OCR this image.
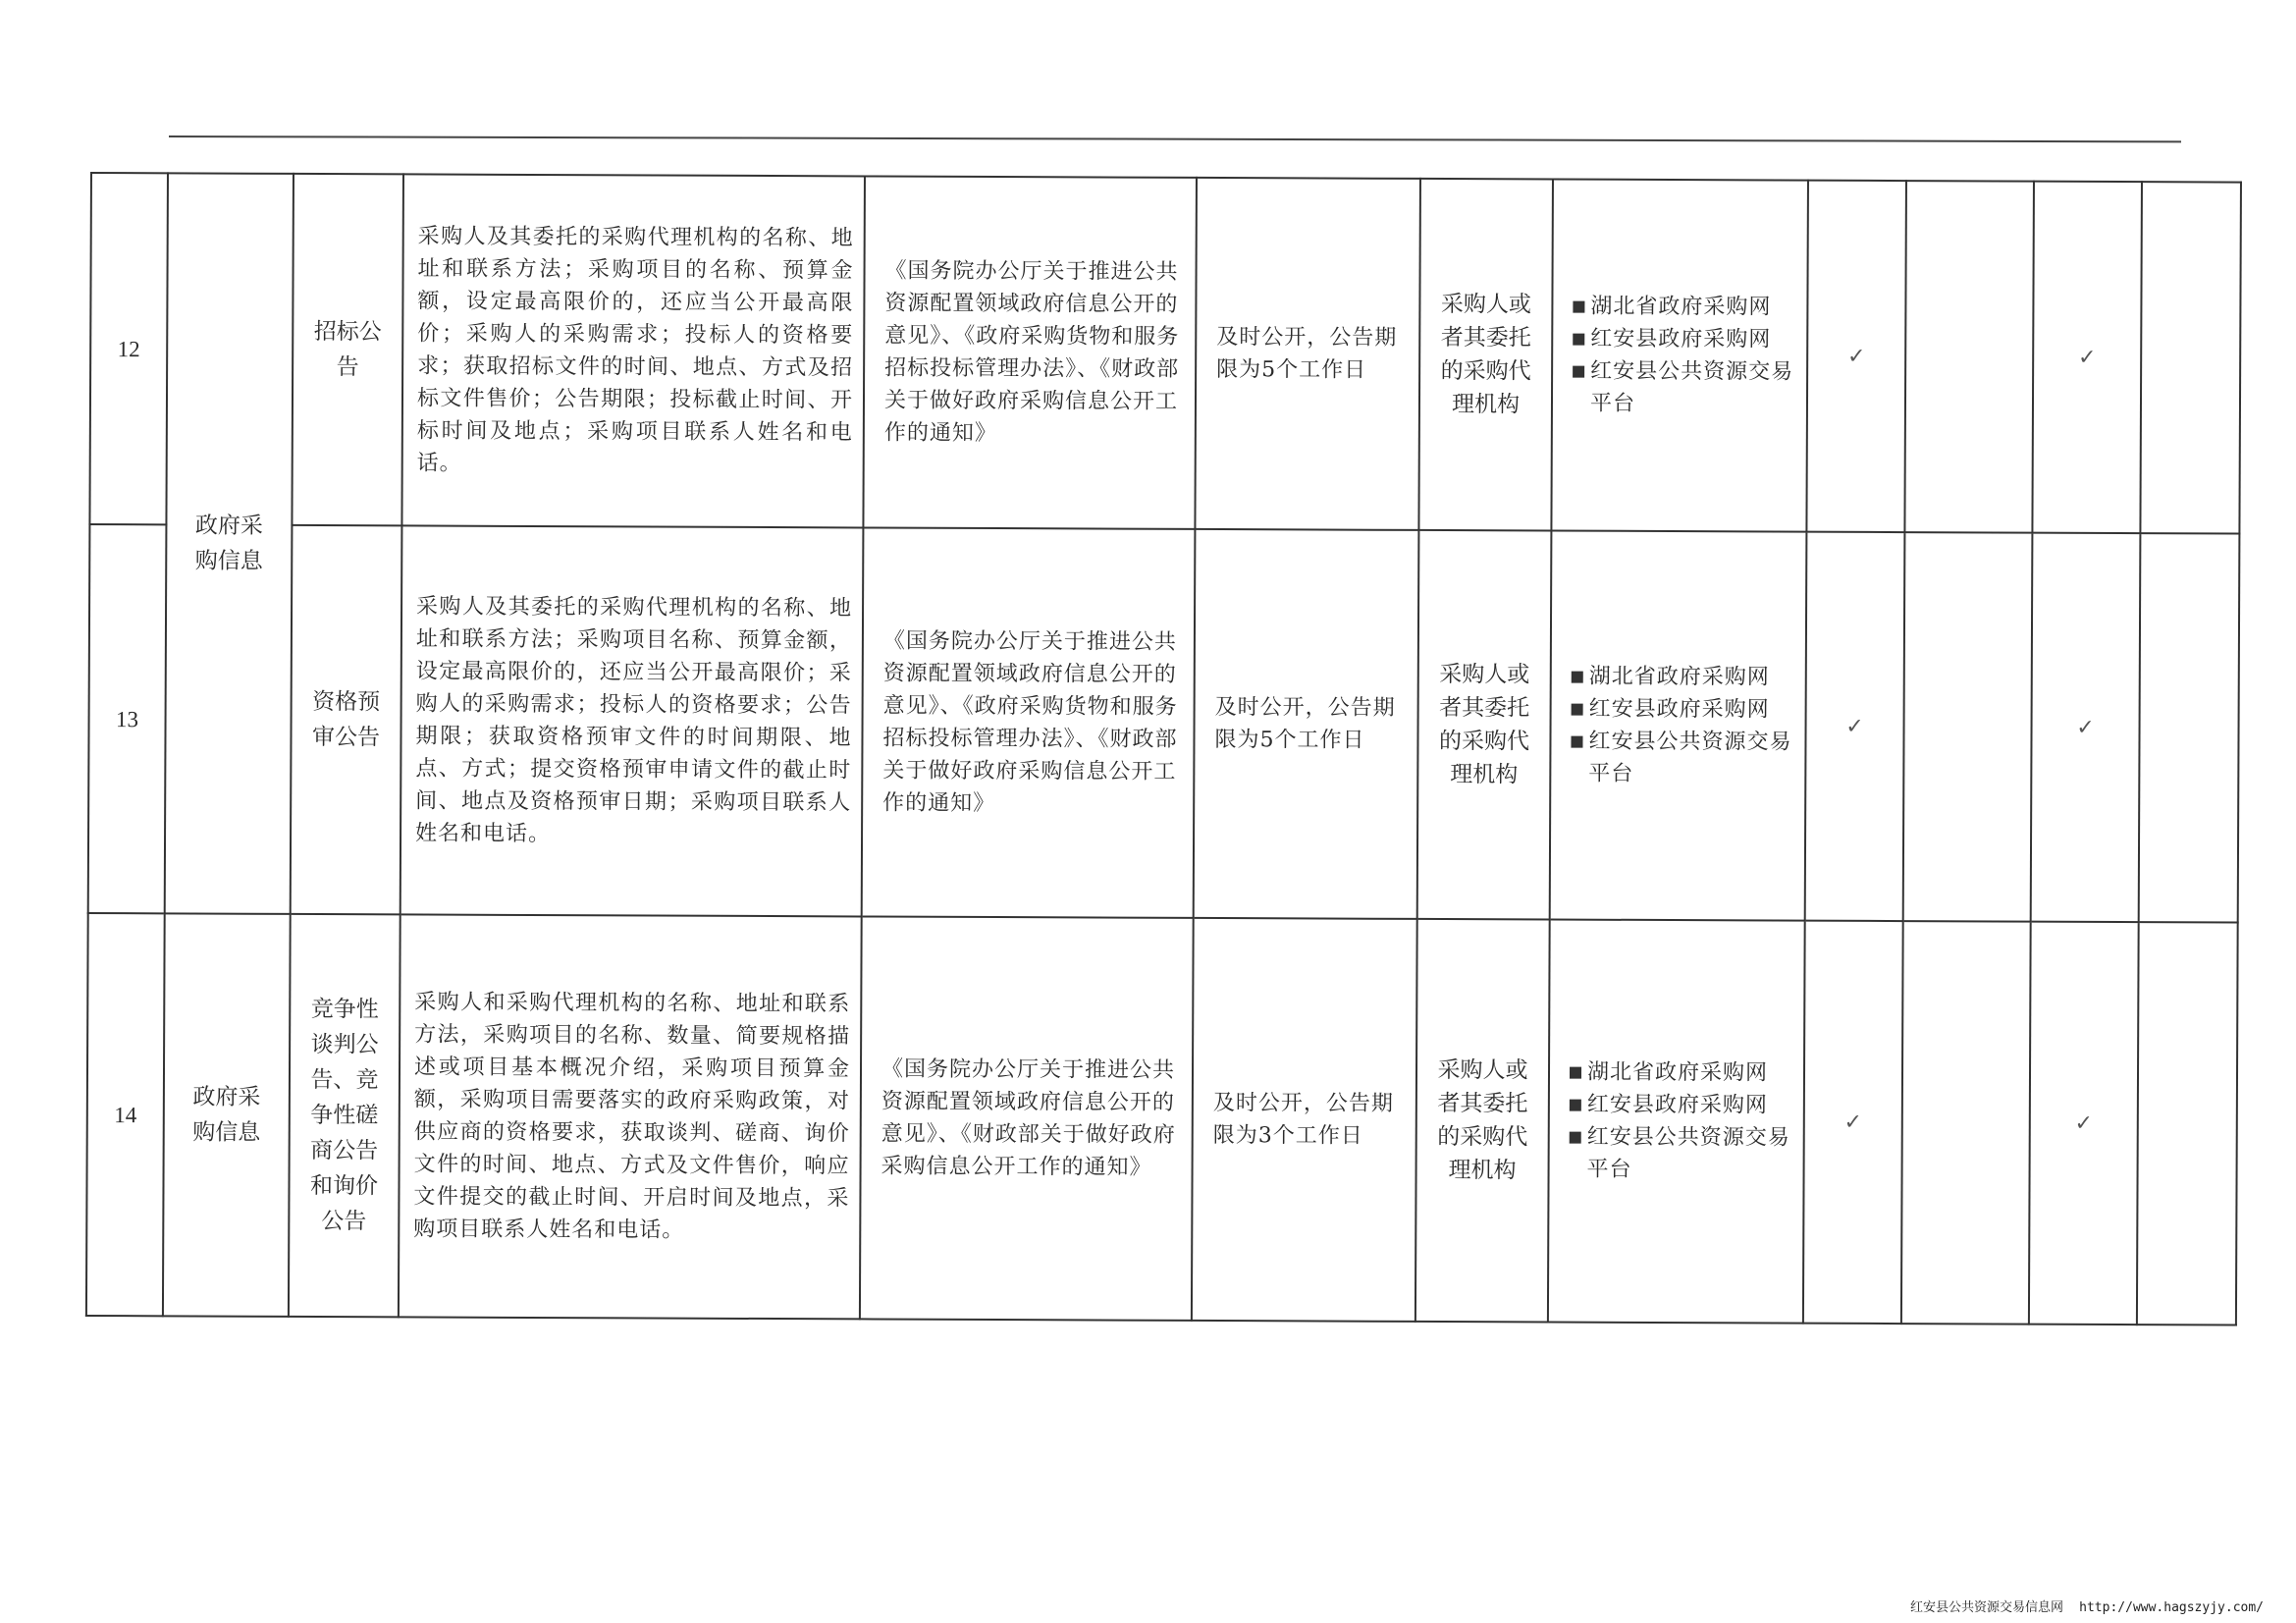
12	政府采购信息	招标公告	采购人及其委托的采购代理机构的名称、地址和联系方法；采购项目的名称、预算金额，设定最高限价的，还应当公开最高限价；采购人的采购需求；投标人的资格要求；获取招标文件的时间、地点、方式及招标文件售价；公告期限；投标截止时间、开标时间及地点；采购项目联系人姓名和电话。	《国务院办公厅关于推进公共资源配置领域政府信息公开的意见》、《政府采购货物和服务招标投标管理办法》、《财政部关于做好政府采购信息公开工作的通知》	及时公开，公告期限为5个工作日	采购人或者其委托的采购代理机构	湖北省政府采购网
红安县政府采购网
红安县公共资源交易平台	✓		✓	
13		资格预审公告	采购人及其委托的采购代理机构的名称、地址和联系方法；采购项目名称、预算金额，设定最高限价的，还应当公开最高限价；采购人的采购需求；投标人的资格要求；公告期限；获取资格预审文件的时间期限、地点、方式；提交资格预审申请文件的截止时间、地点及资格预审日期；采购项目联系人姓名和电话。	《国务院办公厅关于推进公共资源配置领域政府信息公开的意见》、《政府采购货物和服务招标投标管理办法》、《财政部关于做好政府采购信息公开工作的通知》	及时公开，公告期限为5个工作日	采购人或者其委托的采购代理机构	湖北省政府采购网
红安县政府采购网
红安县公共资源交易平台	✓		✓	
14	政府采购信息	竞争性谈判公告、竞争性磋商公告和询价公告	采购人和采购代理机构的名称、地址和联系方法，采购项目的名称、数量、简要规格描述或项目基本概况介绍，采购项目预算金额，采购项目需要落实的政府采购政策，对供应商的资格要求，获取谈判、磋商、询价文件的时间、地点、方式及文件售价，响应文件提交的截止时间、开启时间及地点，采购项目联系人姓名和电话。	《国务院办公厅关于推进公共资源配置领域政府信息公开的意见》、《财政部关于做好政府采购信息公开工作的通知》	及时公开，公告期限为3个工作日	采购人或者其委托的采购代理机构	湖北省政府采购网
红安县政府采购网
红安县公共资源交易平台	✓		✓	
红安县公共资源交易信息网 http://www.hagszyjy.com/
